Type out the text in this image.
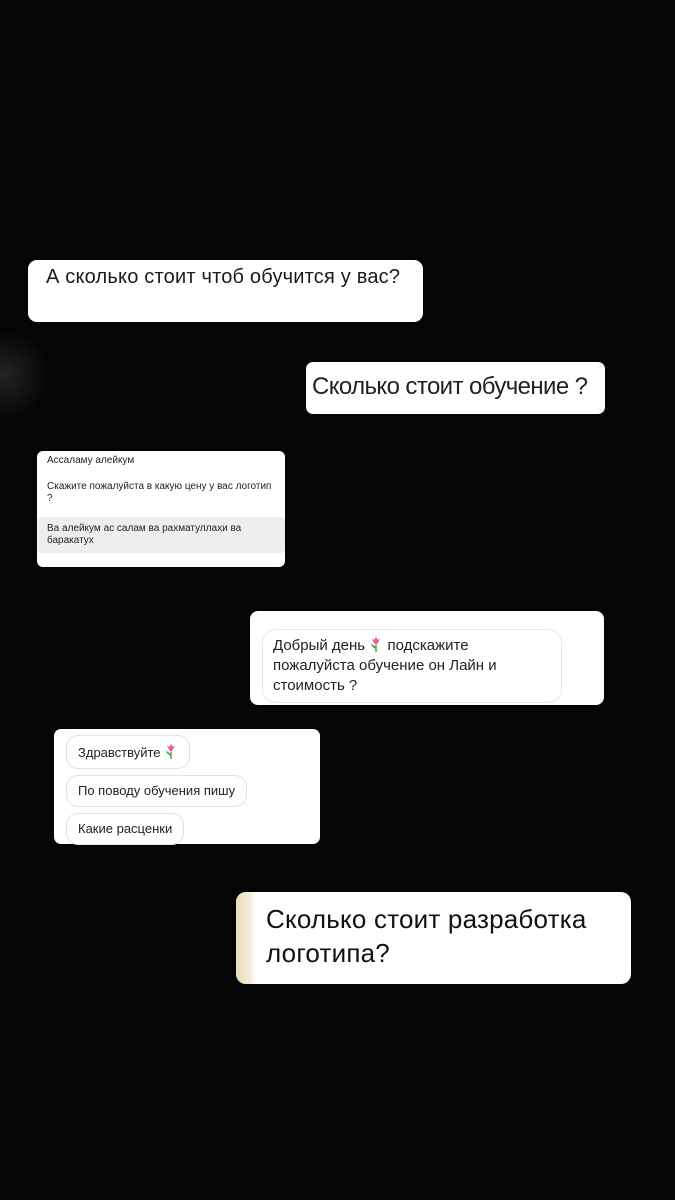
А сколько стоит чтоб обучится у вас?
Сколько стоит обучение ?
Ассаламу алейкум
Скажите пожалуйста в какую цену у вас логотип ?
Ва алейкум ас салам ва рахматуллахи ва баракатух
Добрый день подскажите пожалуйста обучение он Лайн и стоимость ?
Здравствуйте
По поводу обучения пишу
Какие расценки
Сколько стоит разработка логотипа?
